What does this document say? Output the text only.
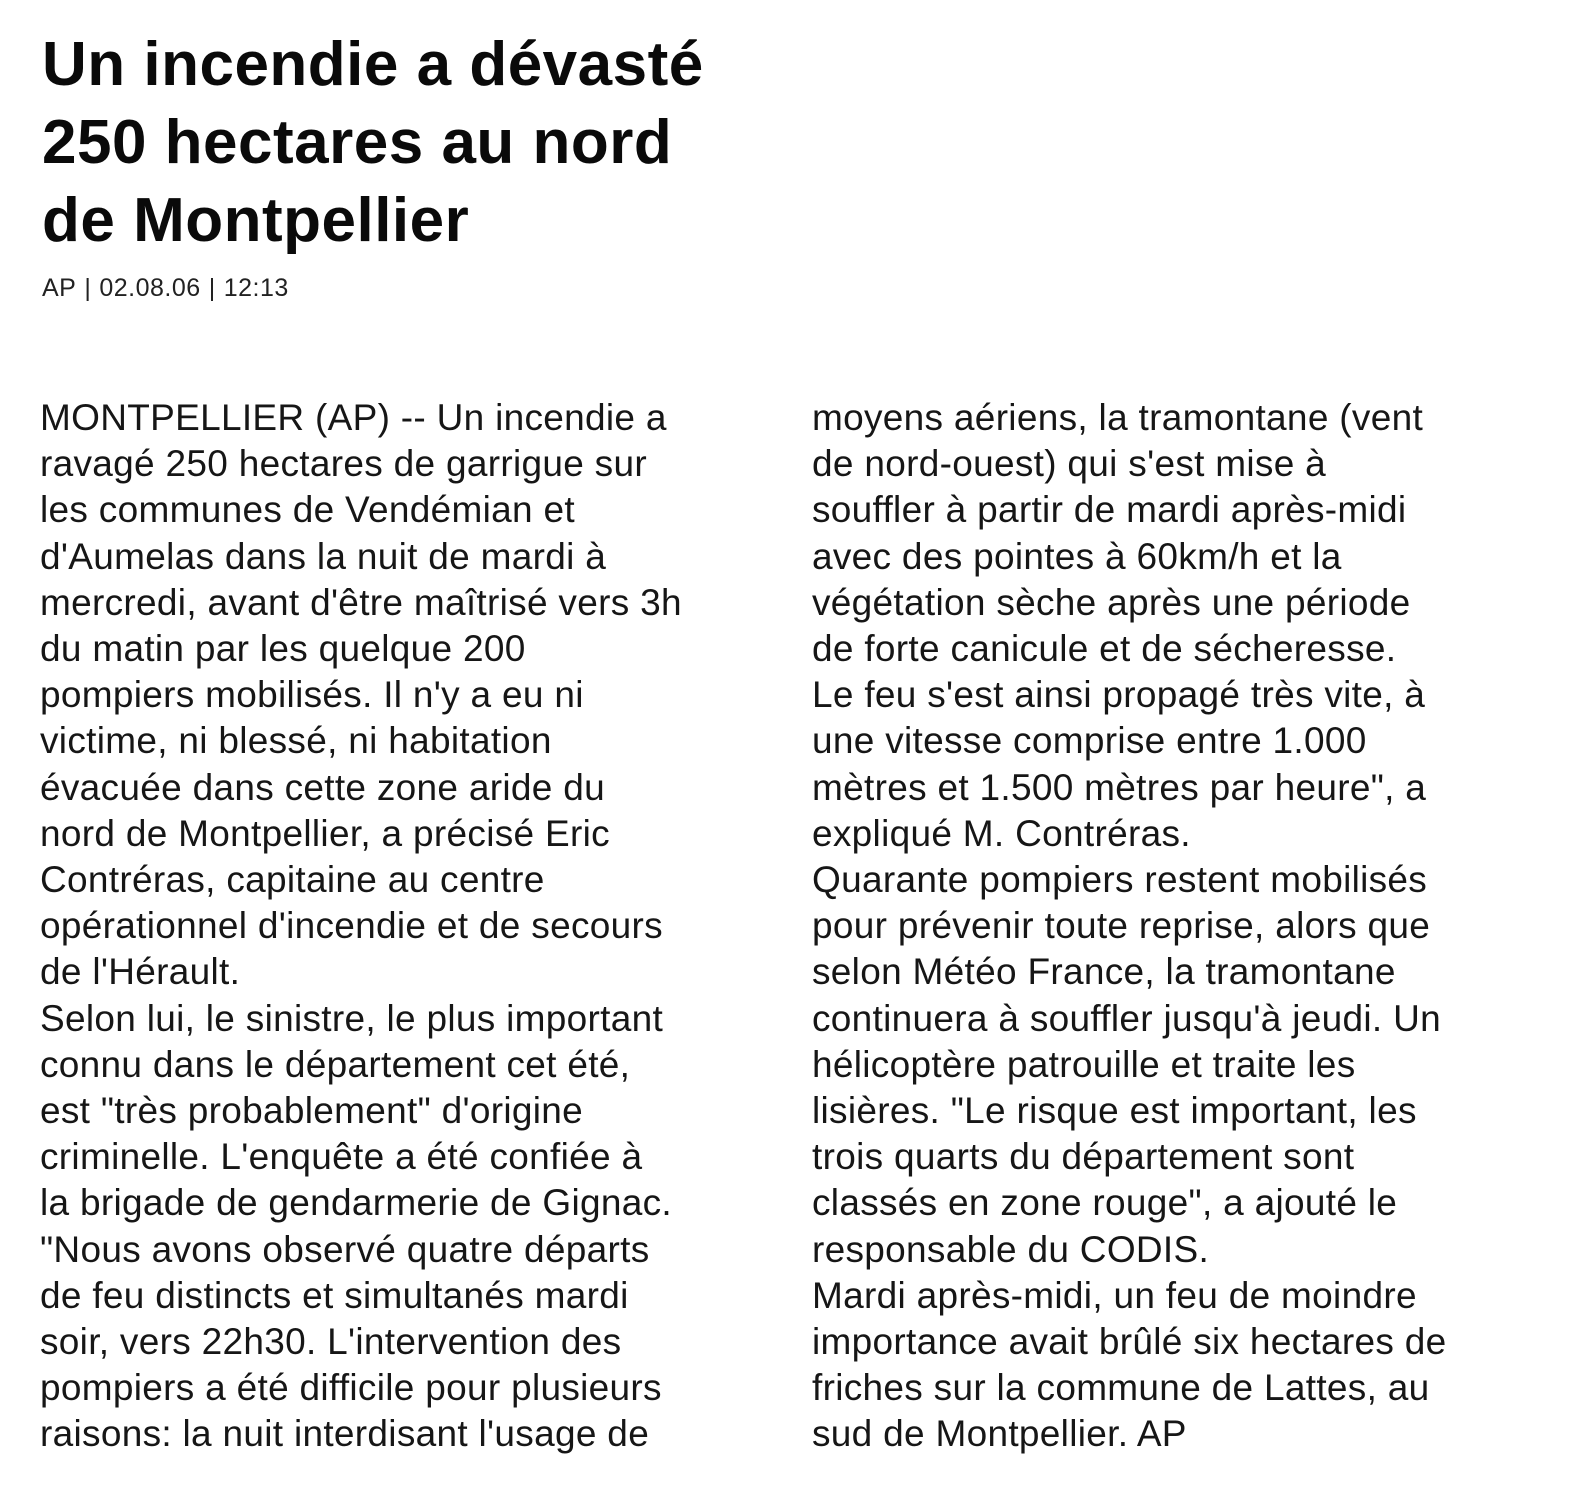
Un incendie a dévasté
250 hectares au nord
de Montpellier
AP | 02.08.06 | 12:13
MONTPELLIER (AP) -- Un incendie a
ravagé 250 hectares de garrigue sur
les communes de Vendémian et
d'Aumelas dans la nuit de mardi à
mercredi, avant d'être maîtrisé vers 3h
du matin par les quelque 200
pompiers mobilisés. Il n'y a eu ni
victime, ni blessé, ni habitation
évacuée dans cette zone aride du
nord de Montpellier, a précisé Eric
Contréras, capitaine au centre
opérationnel d'incendie et de secours
de l'Hérault.
Selon lui, le sinistre, le plus important
connu dans le département cet été,
est "très probablement" d'origine
criminelle. L'enquête a été confiée à
la brigade de gendarmerie de Gignac.
"Nous avons observé quatre départs
de feu distincts et simultanés mardi
soir, vers 22h30. L'intervention des
pompiers a été difficile pour plusieurs
raisons: la nuit interdisant l'usage de
moyens aériens, la tramontane (vent
de nord-ouest) qui s'est mise à
souffler à partir de mardi après-midi
avec des pointes à 60km/h et la
végétation sèche après une période
de forte canicule et de sécheresse.
Le feu s'est ainsi propagé très vite, à
une vitesse comprise entre 1.000
mètres et 1.500 mètres par heure", a
expliqué M. Contréras.
Quarante pompiers restent mobilisés
pour prévenir toute reprise, alors que
selon Météo France, la tramontane
continuera à souffler jusqu'à jeudi. Un
hélicoptère patrouille et traite les
lisières. "Le risque est important, les
trois quarts du département sont
classés en zone rouge", a ajouté le
responsable du CODIS.
Mardi après-midi, un feu de moindre
importance avait brûlé six hectares de
friches sur la commune de Lattes, au
sud de Montpellier. AP
